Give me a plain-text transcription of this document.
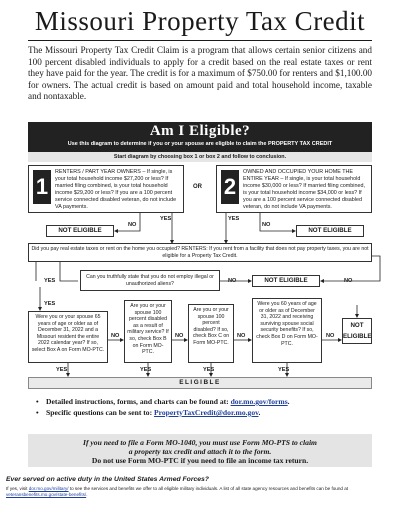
Missouri Property Tax Credit
The Missouri Property Tax Credit Claim is a program that allows certain senior citizens and 100 percent disabled individuals to apply for a credit based on the real estate taxes or rent they have paid for the year. The credit is for a maximum of $750.00 for renters and $1,100.00 for owners. The actual credit is based on amount paid and total household income, taxable and nontaxable.
Am I Eligible?
Use this diagram to determine if you or your spouse are eligible to claim the PROPERTY TAX CREDIT
Start diagram by choosing box 1 or box 2 and follow to conclusion.
1
RENTERS / PART YEAR OWNERS – If single, is your total household income $27,200 or less? If married filing combined, is your total household income $29,200 or less? If you are a 100 percent service connected disabled veteran, do not include VA payments.
OR 2
OWNED AND OCCUPIED YOUR HOME THE ENTIRE YEAR – If single, is your total household income $30,000 or less? If married filing combined, is your total household income $34,000 or less? If you are a 100 percent service connected disabled veteran, do not include VA payments.
NOT ELIGIBLE
NO
YES	YES
NO
NOT ELIGIBLE
Did you pay real estate taxes or rent on the home you occupied? RENTERS: If you rent from a facility that does not pay property taxes, you are not eligible for a Property Tax Credit.
YES
Can you truthfully state that you do not employ illegal or unauthorized aliens?	NO	NOT ELIGIBLE	NO
YES
Were you or your spouse 65 years of age or older as of December 31, 2022 and a Missouri resident the entire 2022 calendar year? If so, select Box A on Form MO-PTC.
NO
Are you or your spouse 100 percent disabled as a result of military service? If so, check Box B on Form MO-PTC.
NO
Are you or your spouse 100 percent disabled? If so, check Box C on Form MO-PTC.
NO
Were you 60 years of age or older as of December 31, 2022 and receiving surviving spouse social security benefits? If so, check Box D on Form MO-PTC.
NO
NOT ELIGIBLE
YES	YES	YES	YES
ELIGIBLE
• Detailed instructions, forms, and charts can be found at: dor.mo.gov/forms.
• Specific questions can be sent to: PropertyTaxCredit@dor.mo.gov.
If you need to file a Form MO-1040, you must use Form MO-PTS to claim
a property tax credit and attach it to the form.
Do not use Form MO-PTC if you need to file an income tax return.
Ever served on active duty in the United States Armed Forces?
If yes, visit dor.mo.gov/military/ to see the services and benefits we offer to all eligible military individuals. A list of all state agency resources and benefits can be found at veteransbenefits.mo.gov/state-benefits/.
